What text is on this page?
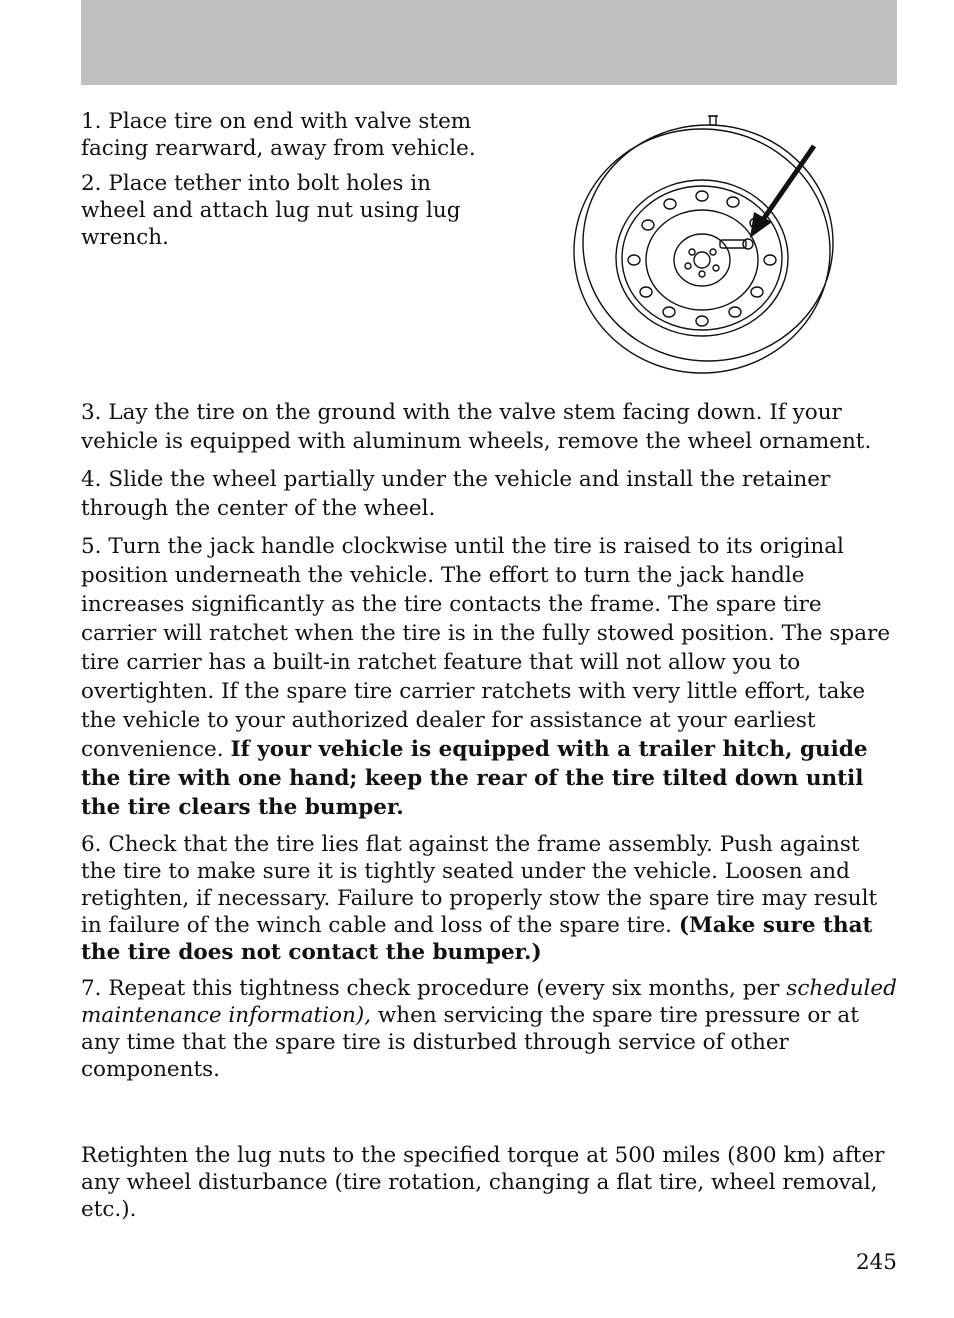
1. Place tire on end with valve stem facing rearward, away from vehicle.

2. Place tether into bolt holes in wheel and attach lug nut using lug wrench.

3. Lay the tire on the ground with the valve stem facing down. If your vehicle is equipped with aluminum wheels, remove the wheel ornament.

4. Slide the wheel partially under the vehicle and install the retainer through the center of the wheel.

5. Turn the jack handle clockwise until the tire is raised to its original position underneath the vehicle. The effort to turn the jack handle increases significantly as the tire contacts the frame. The spare tire carrier will ratchet when the tire is in the fully stowed position. The spare tire carrier has a built-in ratchet feature that will not allow you to overtighten. If the spare tire carrier ratchets with very little effort, take the vehicle to your authorized dealer for assistance at your earliest convenience. If your vehicle is equipped with a trailer hitch, guide the tire with one hand; keep the rear of the tire tilted down until the tire clears the bumper.

6. Check that the tire lies flat against the frame assembly. Push against the tire to make sure it is tightly seated under the vehicle. Loosen and retighten, if necessary. Failure to properly stow the spare tire may result in failure of the winch cable and loss of the spare tire. (Make sure that the tire does not contact the bumper.)

7. Repeat this tightness check procedure (every six months, per scheduled maintenance information), when servicing the spare tire pressure or at any time that the spare tire is disturbed through service of other components.

Retighten the lug nuts to the specified torque at 500 miles (800 km) after any wheel disturbance (tire rotation, changing a flat tire, wheel removal, etc.).

245
